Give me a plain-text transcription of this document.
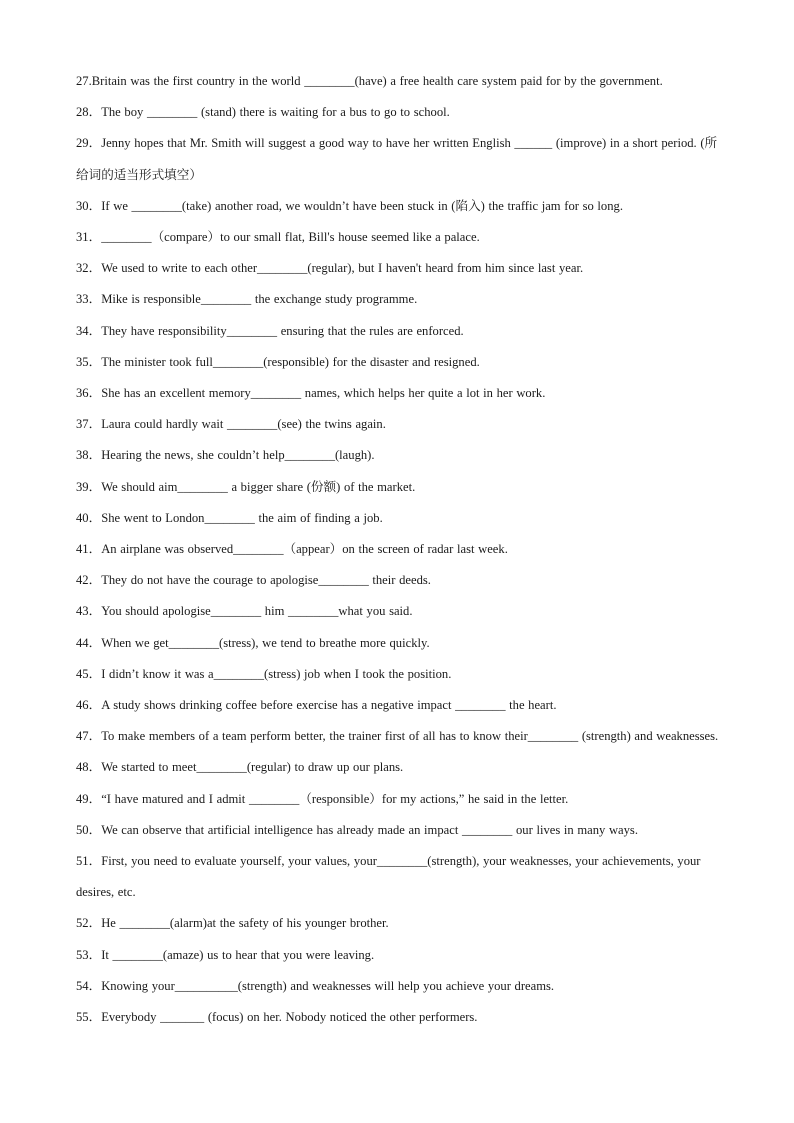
27.Britain was the first country in the world ________(have) a free health care system paid for by the government.
28．The boy ________ (stand) there is waiting for a bus to go to school.
29．Jenny hopes that Mr. Smith will suggest a good way to have her written English ______ (improve) in a short period. (所给词的适当形式填空）
30．If we ________(take) another road, we wouldn’t have been stuck in (陷入) the traffic jam for so long.
31．________（compare）to our small flat, Bill's house seemed like a palace.
32．We used to write to each other________(regular), but I haven't heard from him since last year.
33．Mike is responsible________ the exchange study programme.
34．They have responsibility________ ensuring that the rules are enforced.
35．The minister took full________(responsible) for the disaster and resigned.
36．She has an excellent memory________ names, which helps her quite a lot in her work.
37．Laura could hardly wait ________(see) the twins again.
38．Hearing the news, she couldn’t help________(laugh).
39．We should aim________ a bigger share (份额) of the market.
40．She went to London________ the aim of finding a job.
41．An airplane was observed________（appear）on the screen of radar last week.
42．They do not have the courage to apologise________ their deeds.
43．You should apologise________ him ________what you said.
44．When we get________(stress), we tend to breathe more quickly.
45．I didn’t know it was a________(stress) job when I took the position.
46．A study shows drinking coffee before exercise has a negative impact ________ the heart.
47．To make members of a team perform better, the trainer first of all has to know their________ (strength) and weaknesses.
48．We started to meet________(regular) to draw up our plans.
49．“I have matured and I admit ________（responsible）for my actions,” he said in the letter.
50．We can observe that artificial intelligence has already made an impact ________ our lives in many ways.
51．First, you need to evaluate yourself, your values, your________(strength), your weaknesses, your achievements, your desires, etc.
52．He ________(alarm)at the safety of his younger brother.
53．It ________(amaze) us to hear that you were leaving.
54．Knowing your__________(strength) and weaknesses will help you achieve your dreams.
55．Everybody _______ (focus) on her. Nobody noticed the other performers.
